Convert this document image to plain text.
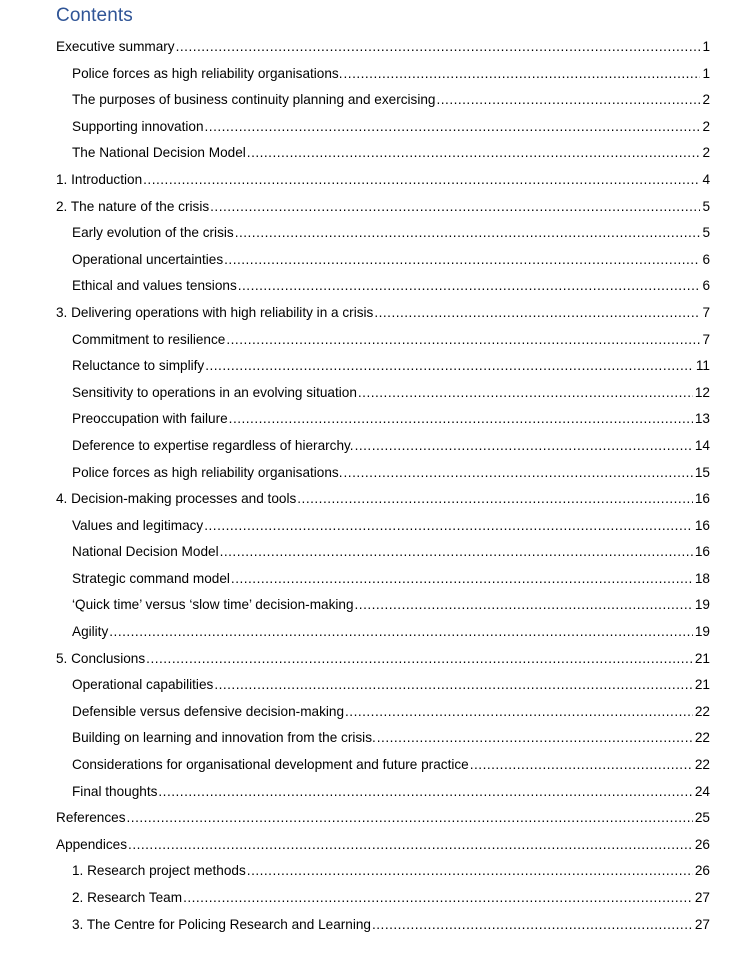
Contents
Executive summary .....	1
Police forces as high reliability organisations. .....	1
The purposes of business continuity planning and exercising .....	2
Supporting innovation .....	2
The National Decision Model .....	2
1. Introduction .....	4
2. The nature of the crisis .....	5
Early evolution of the crisis .....	5
Operational uncertainties .....	6
Ethical and values tensions .....	6
3. Delivering operations with high reliability in a crisis .....	7
Commitment to resilience .....	7
Reluctance to simplify .....	11
Sensitivity to operations in an evolving situation .....	12
Preoccupation with failure .....	13
Deference to expertise regardless of hierarchy. .....	14
Police forces as high reliability organisations. .....	15
4. Decision-making processes and tools .....	16
Values and legitimacy .....	16
National Decision Model .....	16
Strategic command model .....	18
‘Quick time’ versus ‘slow time’ decision-making .....	19
Agility .....	19
5. Conclusions .....	21
Operational capabilities .....	21
Defensible versus defensive decision-making .....	22
Building on learning and innovation from the crisis. .....	22
Considerations for organisational development and future practice .....	22
Final thoughts .....	24
References .....	25
Appendices .....	26
1. Research project methods .....	26
2. Research Team .....	27
3. The Centre for Policing Research and Learning .....	27
